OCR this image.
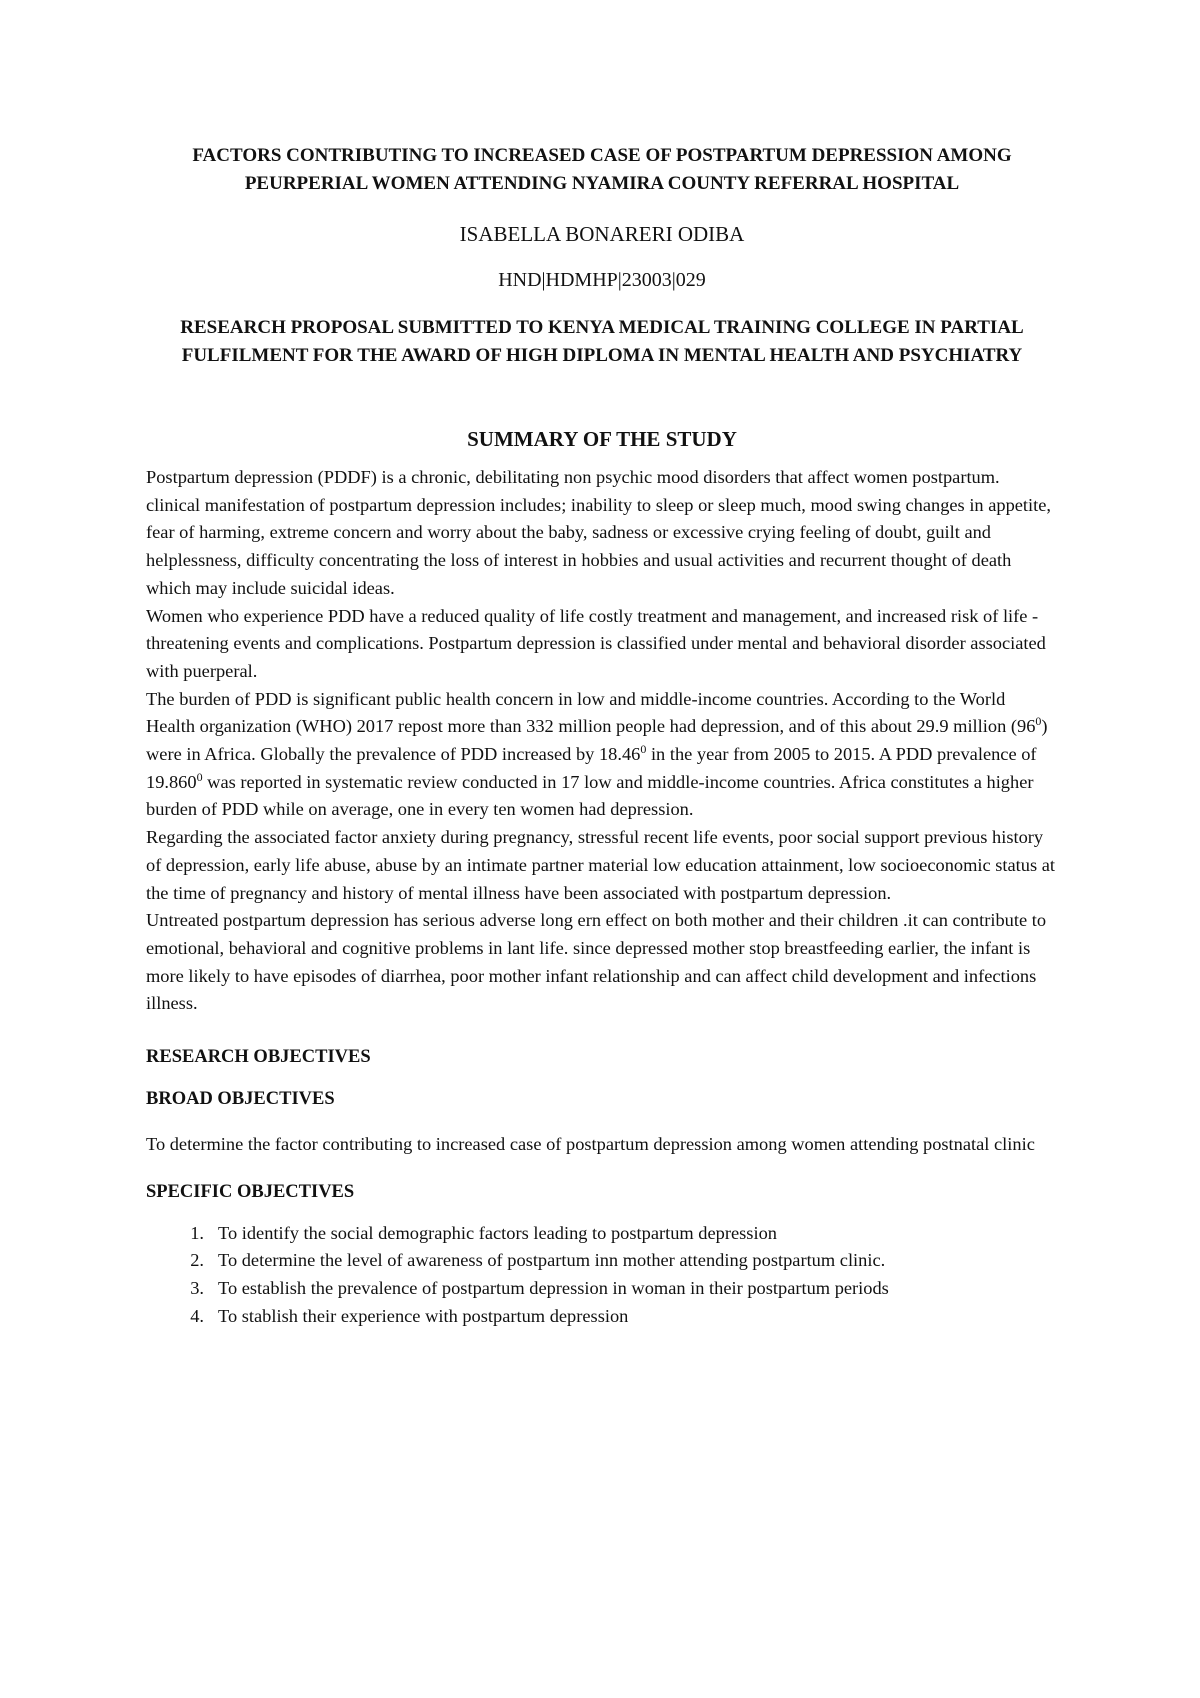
FACTORS CONTRIBUTING TO INCREASED CASE OF POSTPARTUM DEPRESSION AMONG PEURPERIAL WOMEN ATTENDING NYAMIRA COUNTY REFERRAL HOSPITAL

ISABELLA BONARERI ODIBA

HND|HDMHP|23003|029

RESEARCH PROPOSAL SUBMITTED TO KENYA MEDICAL TRAINING COLLEGE IN PARTIAL FULFILMENT FOR THE AWARD OF HIGH DIPLOMA IN MENTAL HEALTH AND PSYCHIATRY

SUMMARY OF THE STUDY

Postpartum depression (PDDF) is a chronic, debilitating non psychic mood disorders that affect women postpartum. clinical manifestation of postpartum depression includes; inability to sleep or sleep much, mood swing changes in appetite, fear of harming, extreme concern and worry about the baby, sadness or excessive crying feeling of doubt, guilt and helplessness, difficulty concentrating the loss of interest in hobbies and usual activities and recurrent thought of death which may include suicidal ideas.

Women who experience PDD have a reduced quality of life costly treatment and management, and increased risk of life -threatening events and complications. Postpartum depression is classified under mental and behavioral disorder associated with puerperal.

The burden of PDD is significant public health concern in low and middle-income countries. According to the World Health organization (WHO) 2017 repost more than 332 million people had depression, and of this about 29.9 million $(96^0)$ were in Africa. Globally the prevalence of PDD increased by 18.46$^0$ in the year from 2005 to 2015. A PDD prevalence of 19.860$^0$ was reported in systematic review conducted in 17 low and middle-income countries. Africa constitutes a higher burden of PDD while on average, one in every ten women had depression.

Regarding the associated factor anxiety during pregnancy, stressful recent life events, poor social support previous history of depression, early life abuse, abuse by an intimate partner material low education attainment, low socioeconomic status at the time of pregnancy and history of mental illness have been associated with postpartum depression.

Untreated postpartum depression has serious adverse long ern effect on both mother and their children .it can contribute to emotional, behavioral and cognitive problems in lant life. since depressed mother stop breastfeeding earlier, the infant is more likely to have episodes of diarrhea, poor mother infant relationship and can affect child development and infections illness.

RESEARCH OBJECTIVES
BROAD OBJECTIVES

To determine the factor contributing to increased case of postpartum depression among women attending postnatal clinic

SPECIFIC OBJECTIVES
1. To identify the social demographic factors leading to postpartum depression
2. To determine the level of awareness of postpartum inn mother attending postpartum clinic.
3. To establish the prevalence of postpartum depression in woman in their postpartum periods
4. To stablish their experience with postpartum depression
